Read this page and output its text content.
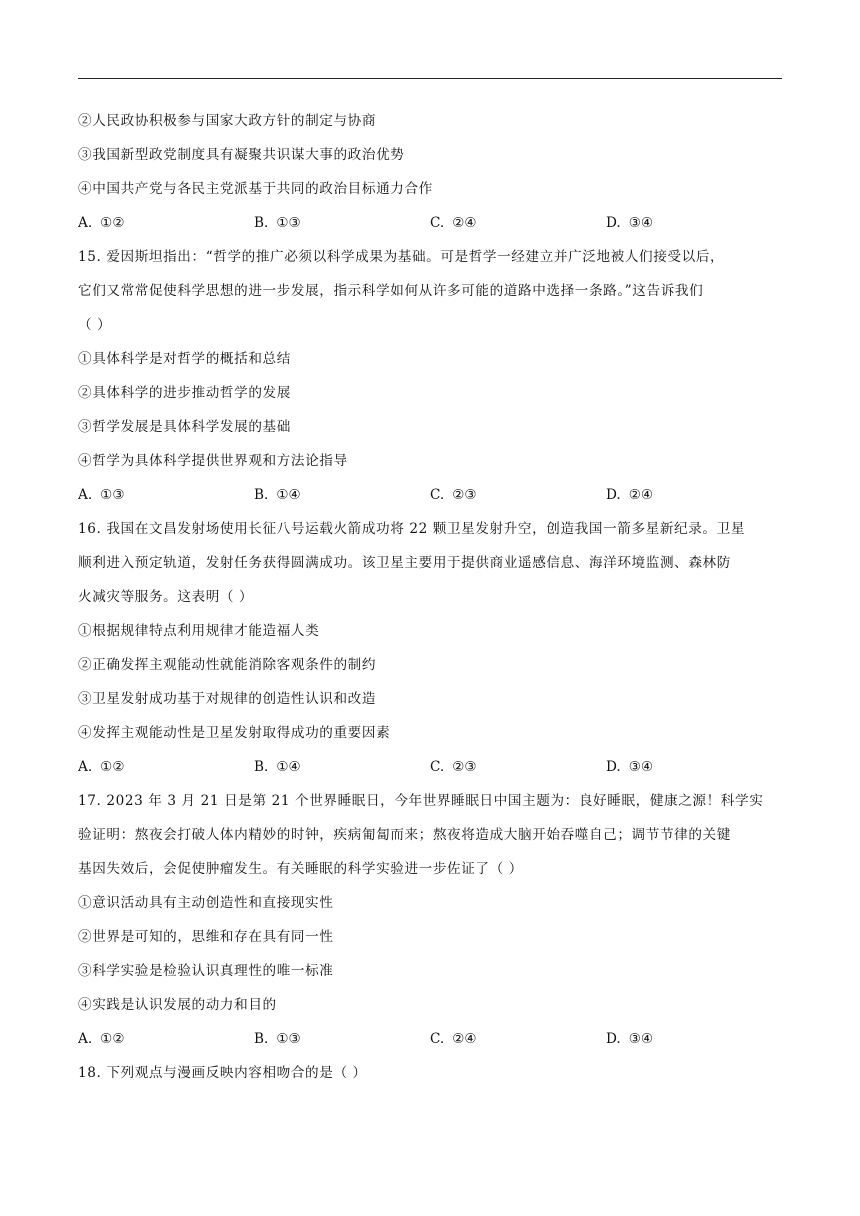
②人民政协积极参与国家大政方针的制定与协商
③我国新型政党制度具有凝聚共识谋大事的政治优势
④中国共产党与各民主党派基于共同的政治目标通力合作
A. ①②	B. ①③	C. ②④	D. ③④
15. 爱因斯坦指出：“哲学的推广必须以科学成果为基础。可是哲学一经建立并广泛地被人们接受以后，
它们又常常促使科学思想的进一步发展，指示科学如何从许多可能的道路中选择一条路。”这告诉我们
（ ）
①具体科学是对哲学的概括和总结
②具体科学的进步推动哲学的发展
③哲学发展是具体科学发展的基础
④哲学为具体科学提供世界观和方法论指导
A. ①③	B. ①④	C. ②③	D. ②④
16. 我国在文昌发射场使用长征八号运载火箭成功将 22 颗卫星发射升空，创造我国一箭多星新纪录。卫星
顺利进入预定轨道，发射任务获得圆满成功。该卫星主要用于提供商业遥感信息、海洋环境监测、森林防
火减灾等服务。这表明（ ）
①根据规律特点利用规律才能造福人类
②正确发挥主观能动性就能消除客观条件的制约
③卫星发射成功基于对规律的创造性认识和改造
④发挥主观能动性是卫星发射取得成功的重要因素
A. ①②	B. ①④	C. ②③	D. ③④
17. 2023 年 3 月 21 日是第 21 个世界睡眠日，今年世界睡眠日中国主题为：良好睡眠，健康之源！科学实
验证明：熬夜会打破人体内精妙的时钟，疾病匍匐而来；熬夜将造成大脑开始吞噬自己；调节节律的关键
基因失效后，会促使肿瘤发生。有关睡眠的科学实验进一步佐证了（ ）
①意识活动具有主动创造性和直接现实性
②世界是可知的，思维和存在具有同一性
③科学实验是检验认识真理性的唯一标准
④实践是认识发展的动力和目的
A. ①②	B. ①③	C. ②④	D. ③④
18. 下列观点与漫画反映内容相吻合的是（ ）
